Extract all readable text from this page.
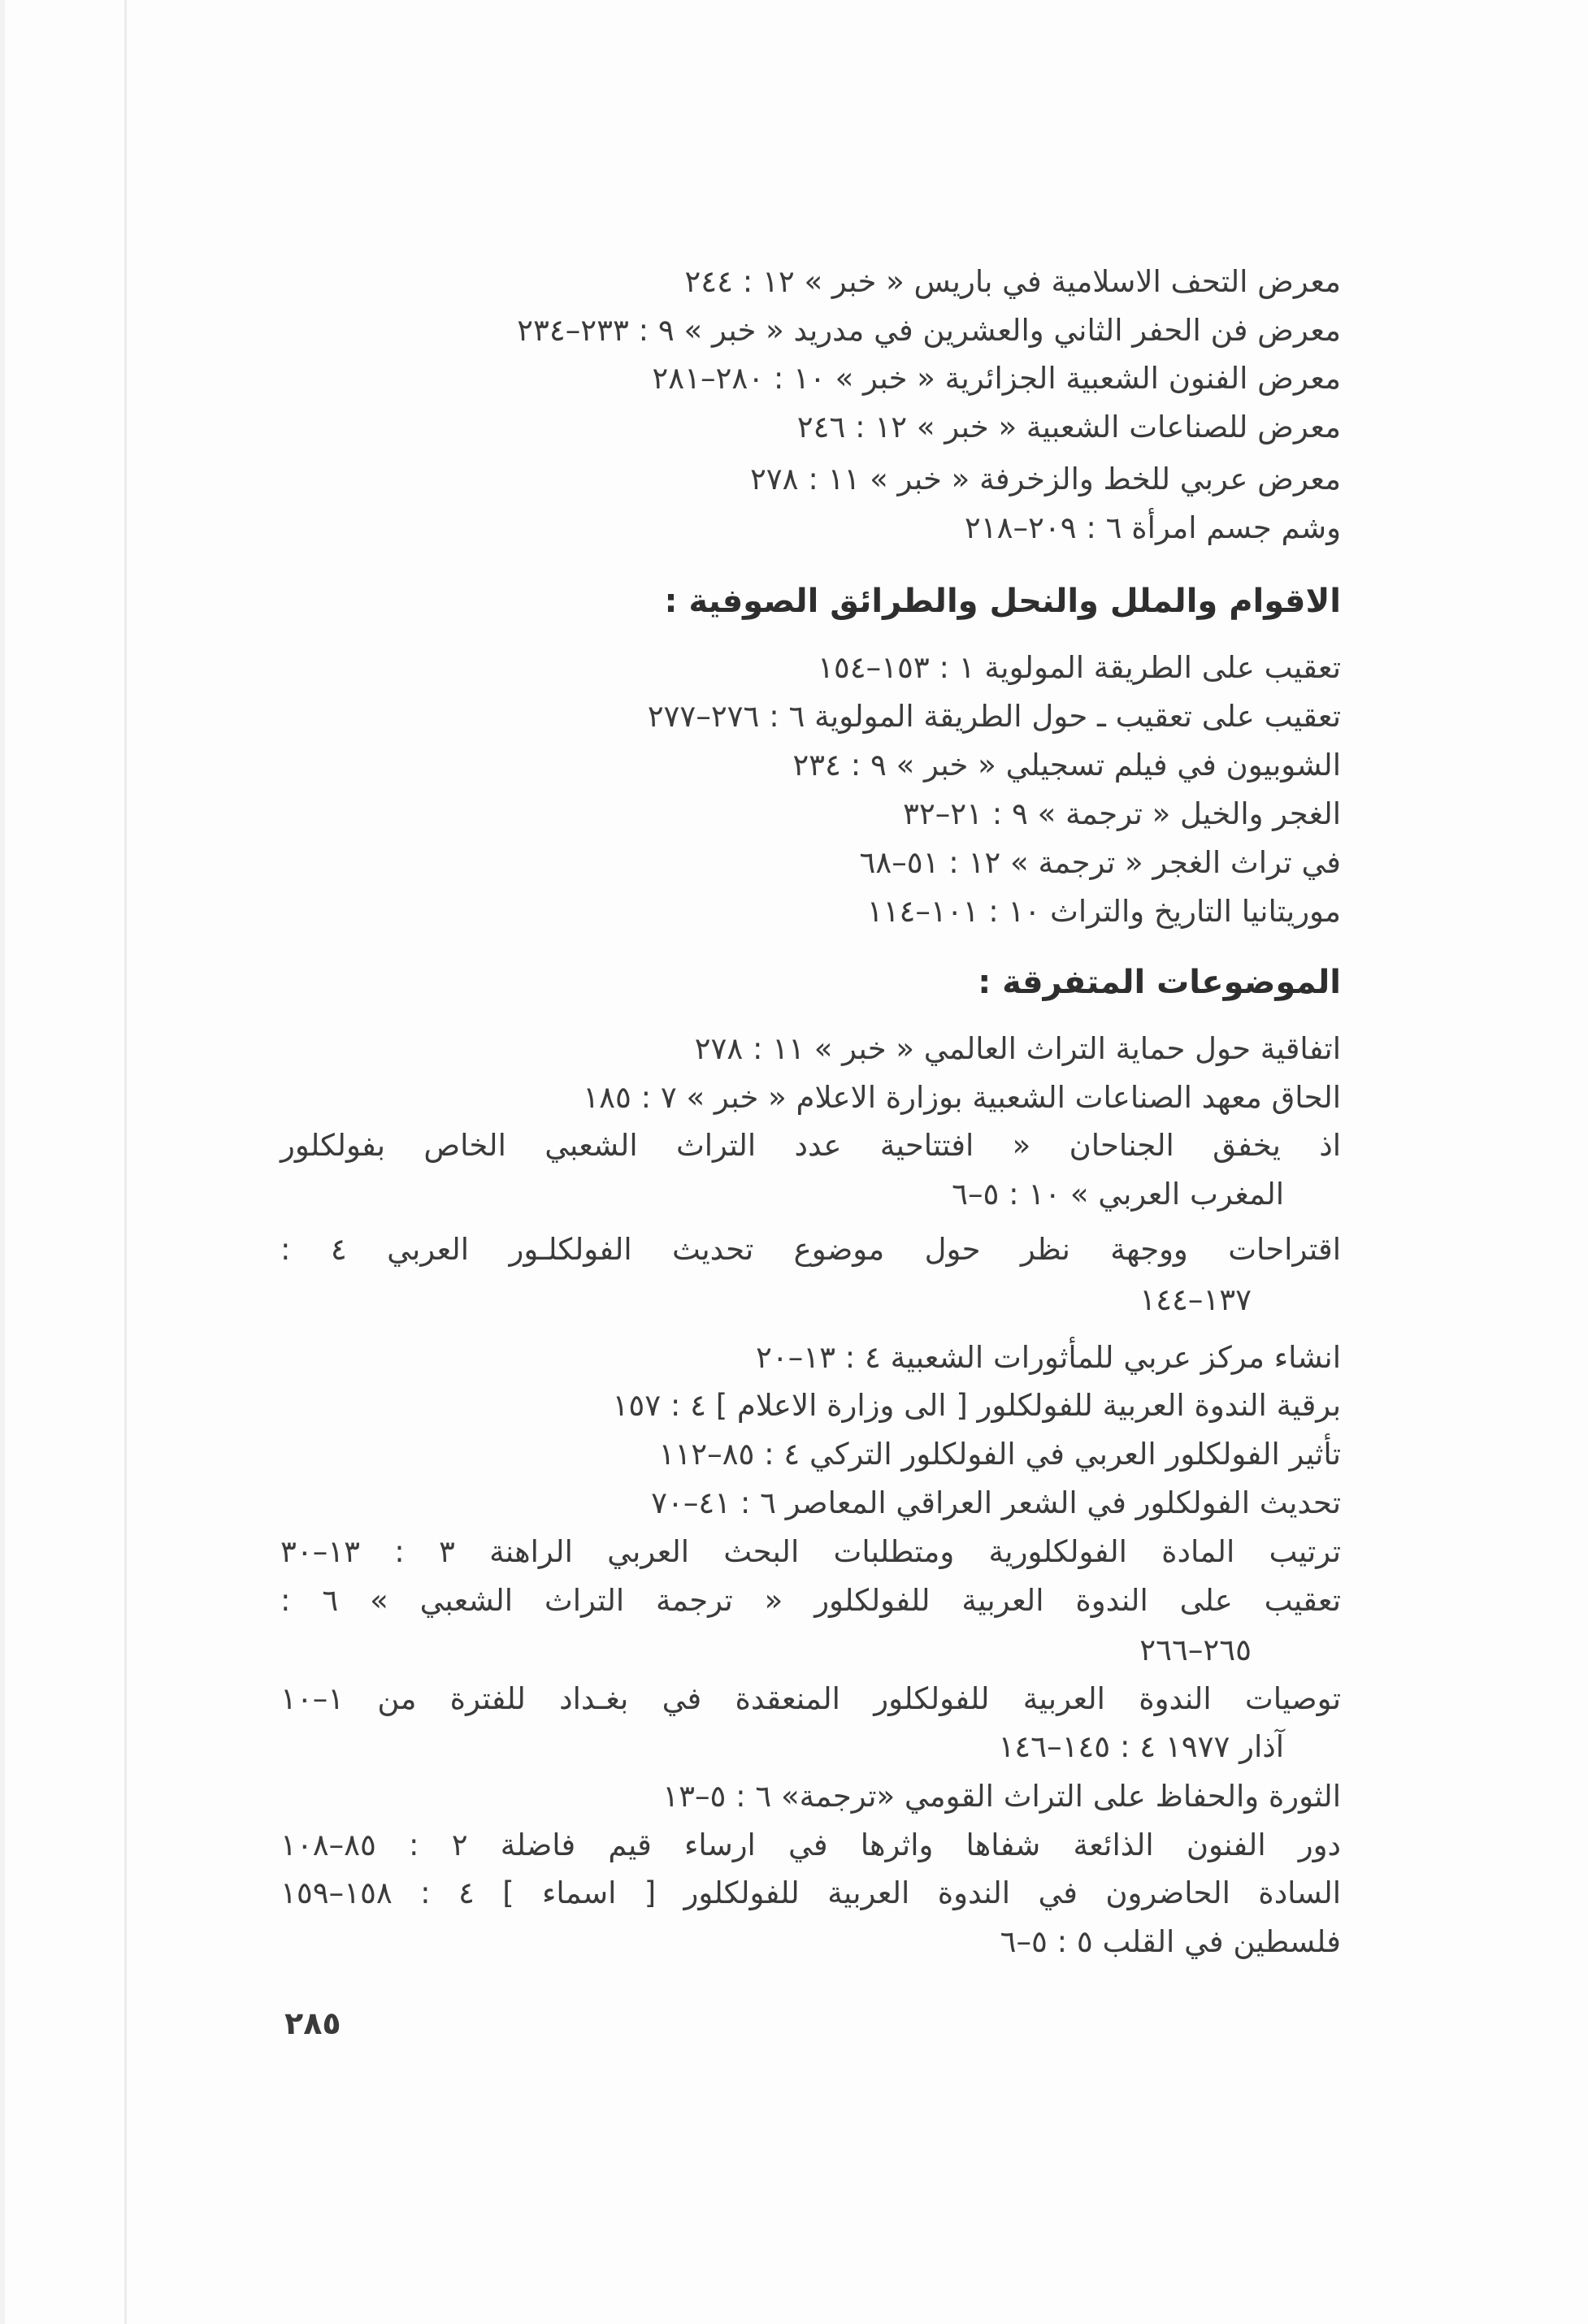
معرض التحف الاسلامية في باريس « خبر » ١٢ : ٢٤٤
معرض فن الحفر الثاني والعشرين في مدريد « خبر » ٩ : ٢٣٣–٢٣٤
معرض الفنون الشعبية الجزائرية « خبر » ١٠ : ٢٨٠–٢٨١
معرض للصناعات الشعبية « خبر » ١٢ : ٢٤٦
معرض عربي للخط والزخرفة « خبر » ١١ : ٢٧٨
وشم جسم امرأة ٦ : ٢٠٩–٢١٨
الاقوام والملل والنحل والطرائق الصوفية :
تعقيب على الطريقة المولوية ١ : ١٥٣–١٥٤
تعقيب على تعقيب ـ حول الطريقة المولوية ٦ : ٢٧٦–٢٧٧
الشوبيون في فيلم تسجيلي « خبر » ٩ : ٢٣٤
الغجر والخيل « ترجمة » ٩ : ٢١–٣٢
في تراث الغجر « ترجمة » ١٢ : ٥١–٦٨
موريتانيا التاريخ والتراث ١٠ : ١٠١–١١٤
الموضوعات المتفرقة :
اتفاقية حول حماية التراث العالمي « خبر » ١١ : ٢٧٨
الحاق معهد الصناعات الشعبية بوزارة الاعلام « خبر » ٧ : ١٨٥
اذ يخفق الجناحان « افتتاحية عدد التراث الشعبي الخاص بفولكلور
المغرب العربي » ١٠ : ٥–٦
اقتراحات ووجهة نظر حول موضوع تحديث الفولكلـور العربي ٤ :
١٣٧–١٤٤
انشاء مركز عربي للمأثورات الشعبية ٤ : ١٣–٢٠
برقية الندوة العربية للفولكلور [ الى وزارة الاعلام ] ٤ : ١٥٧
تأثير الفولكلور العربي في الفولكلور التركي ٤ : ٨٥–١١٢
تحديث الفولكلور في الشعر العراقي المعاصر ٦ : ٤١–٧٠
ترتيب المادة الفولكلورية ومتطلبات البحث العربي الراهنة ٣ : ١٣–٣٠
تعقيب على الندوة العربية للفولكلور « ترجمة التراث الشعبي » ٦ :
٢٦٥–٢٦٦
توصيات الندوة العربية للفولكلور المنعقدة في بغـداد للفترة من ١–١٠
آذار ١٩٧٧ ٤ : ١٤٥–١٤٦
الثورة والحفاظ على التراث القومي «ترجمة» ٦ : ٥–١٣
دور الفنون الذائعة شفاها واثرها في ارساء قيم فاضلة ٢ : ٨٥–١٠٨
السادة الحاضرون في الندوة العربية للفولكلور [ اسماء ] ٤ : ١٥٨–١٥٩
فلسطين في القلب ٥ : ٥–٦
٢٨٥
